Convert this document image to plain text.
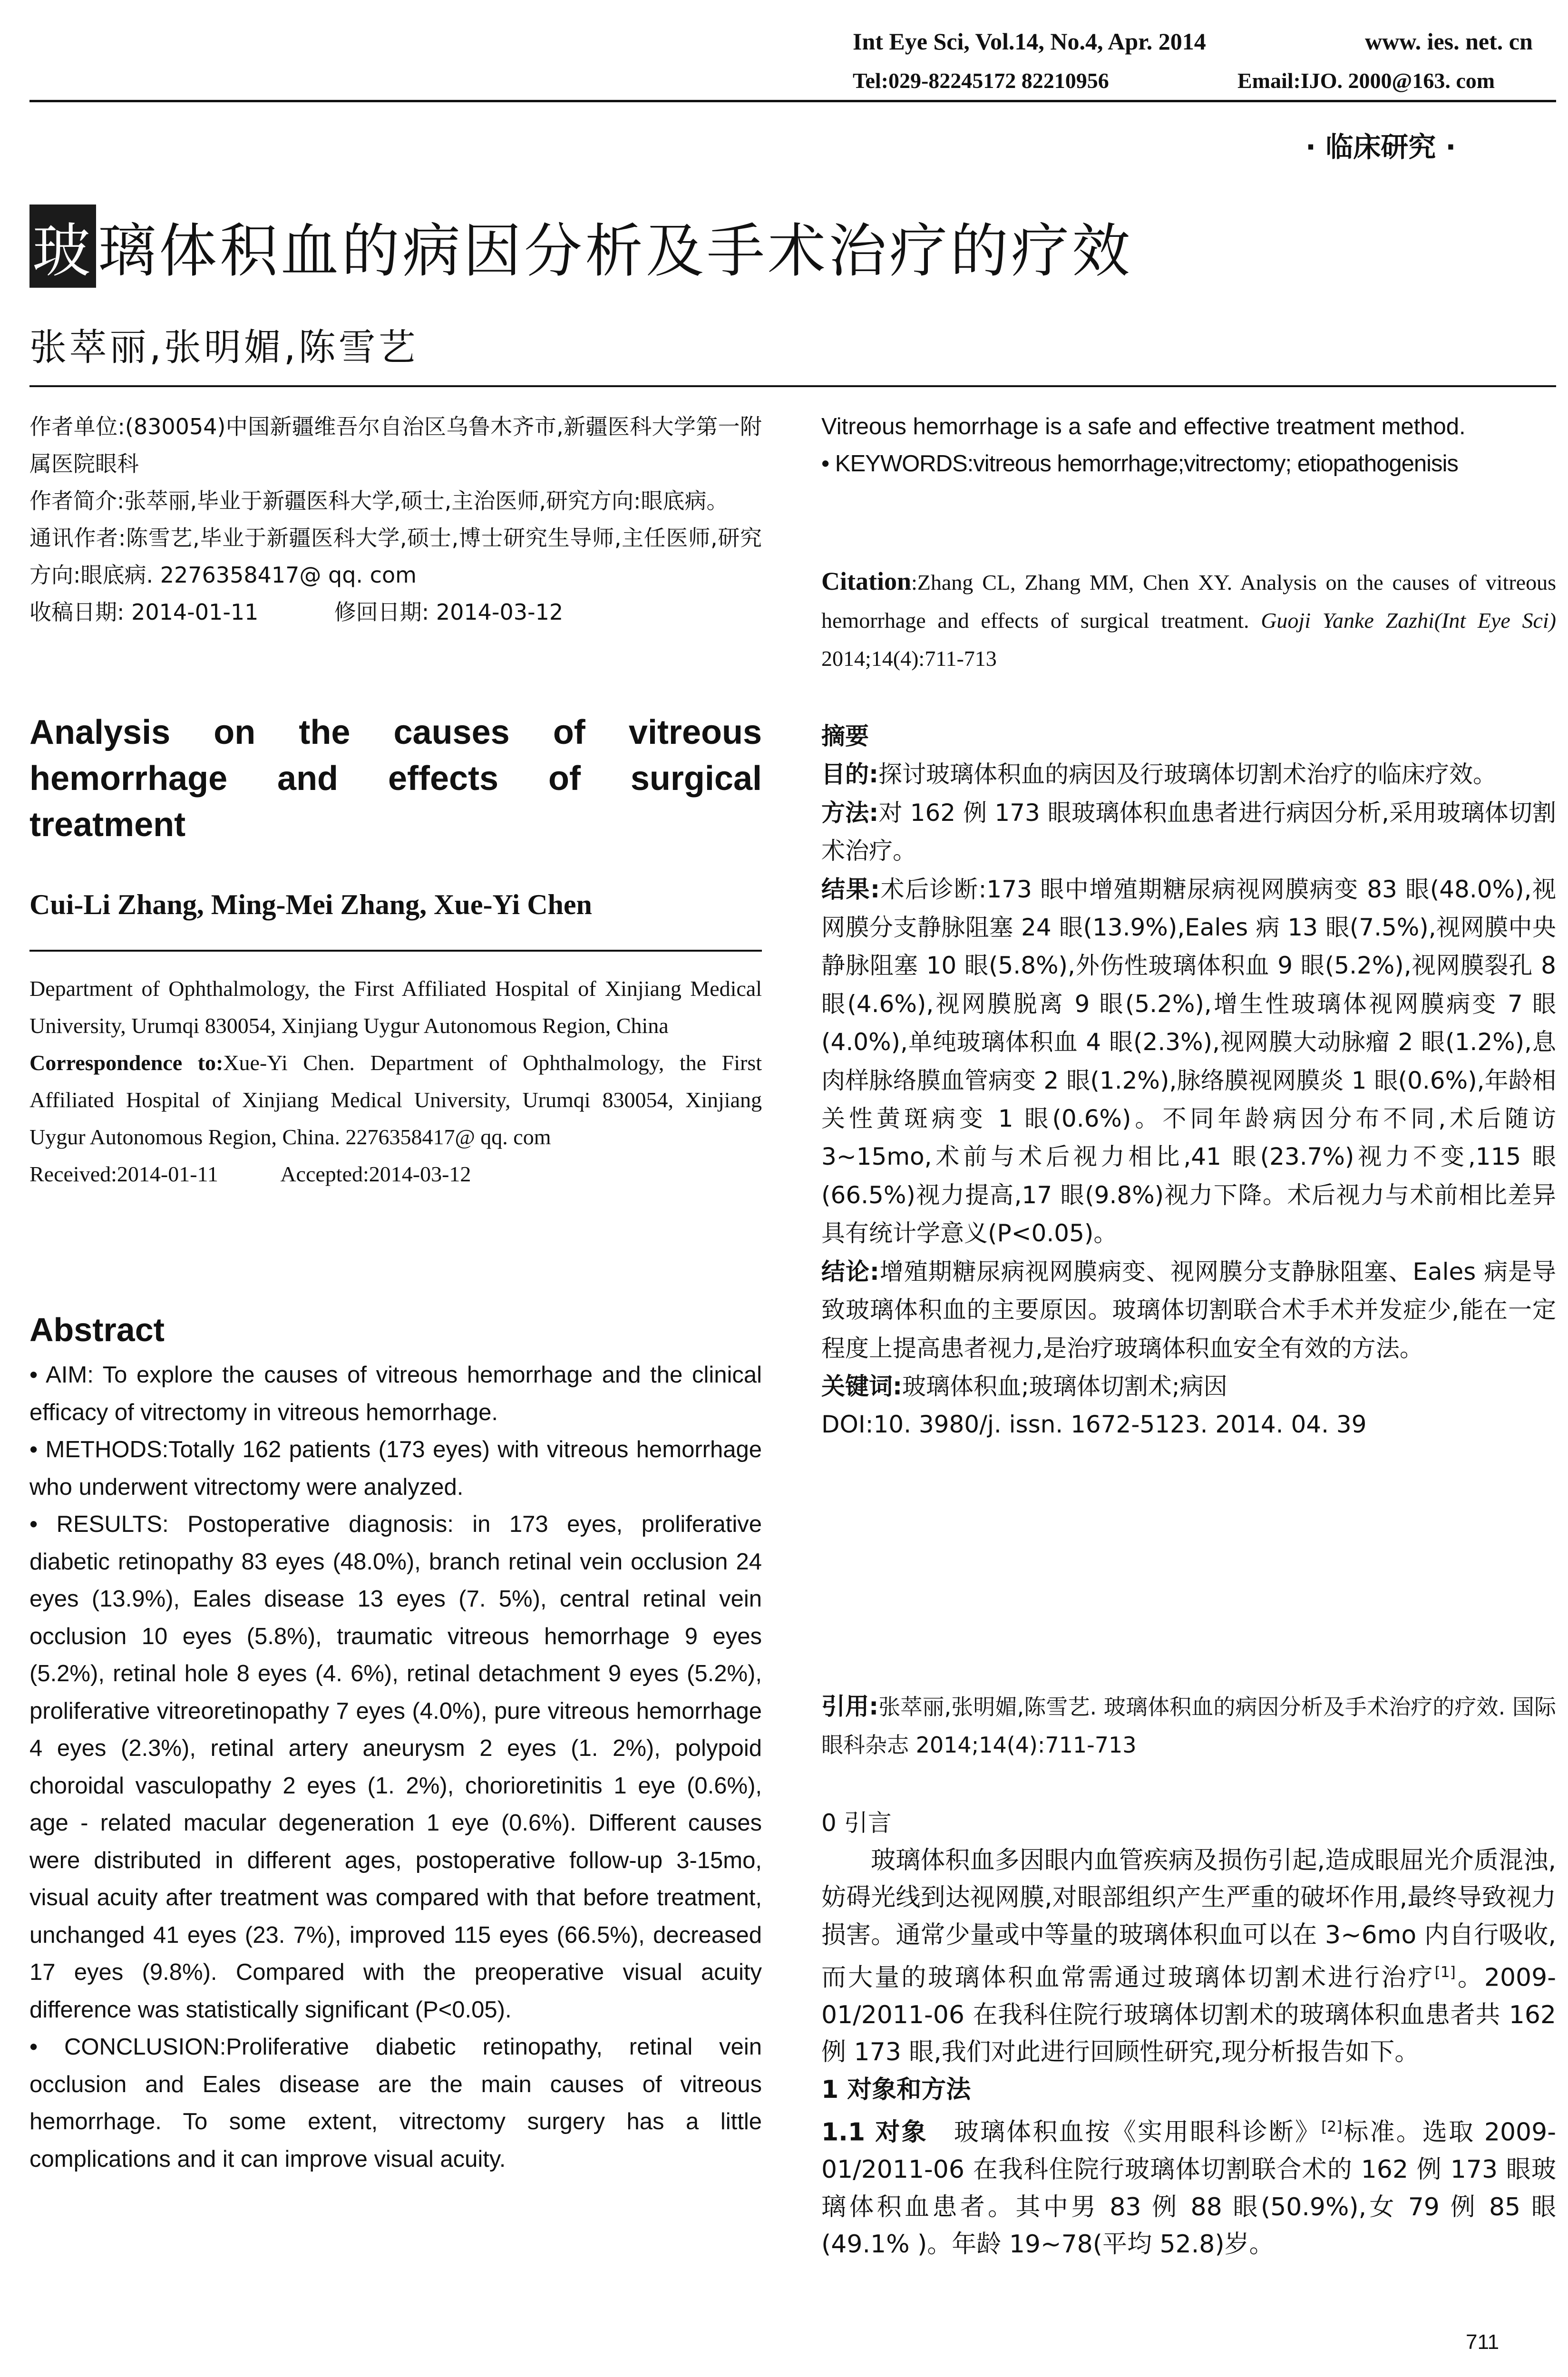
Int Eye Sci, Vol.14, No.4, Apr. 2014	www. ies. net. cn
Tel:029-82245172 82210956	Email:IJO. 2000@163. com
· 临床研究 ·
玻璃体积血的病因分析及手术治疗的疗效
张萃丽,张明媚,陈雪艺

作者单位:(830054)中国新疆维吾尔自治区乌鲁木齐市,新疆医科大学第一附属医院眼科

作者简介:张萃丽,毕业于新疆医科大学,硕士,主治医师,研究方向:眼底病。

通讯作者:陈雪艺,毕业于新疆医科大学,硕士,博士研究生导师,主任医师,研究方向:眼底病. 2276358417@ qq. com

收稿日期: 2014-01-11	修回日期: 2014-03-12

Analysis on the causes of vitreous hemorrhage and effects of surgical treatment
Cui-Li Zhang, Ming-Mei Zhang, Xue-Yi Chen

Department of Ophthalmology, the First Affiliated Hospital of Xinjiang Medical University, Urumqi 830054, Xinjiang Uygur Autonomous Region, China

Correspondence to:Xue-Yi Chen. Department of Ophthalmology, the First Affiliated Hospital of Xinjiang Medical University, Urumqi 830054, Xinjiang Uygur Autonomous Region, China. 2276358417@ qq. com

Received:2014-01-11	Accepted:2014-03-12

Abstract

• AIM: To explore the causes of vitreous hemorrhage and the clinical efficacy of vitrectomy in vitreous hemorrhage.

• METHODS:Totally 162 patients (173 eyes) with vitreous hemorrhage who underwent vitrectomy were analyzed.

• RESULTS: Postoperative diagnosis: in 173 eyes, proliferative diabetic retinopathy 83 eyes (48.0%), branch retinal vein occlusion 24 eyes (13.9%), Eales disease 13 eyes (7. 5%), central retinal vein occlusion 10 eyes (5.8%), traumatic vitreous hemorrhage 9 eyes (5.2%), retinal hole 8 eyes (4. 6%), retinal detachment 9 eyes (5.2%), proliferative vitreoretinopathy 7 eyes (4.0%), pure vitreous hemorrhage 4 eyes (2.3%), retinal artery aneurysm 2 eyes (1. 2%), polypoid choroidal vasculopathy 2 eyes (1. 2%), chorioretinitis 1 eye (0.6%), age - related macular degeneration 1 eye (0.6%). Different causes were distributed in different ages, postoperative follow-up 3-15mo, visual acuity after treatment was compared with that before treatment, unchanged 41 eyes (23. 7%), improved 115 eyes (66.5%), decreased 17 eyes (9.8%). Compared with the preoperative visual acuity difference was statistically significant (P<0.05).

• CONCLUSION:Proliferative diabetic retinopathy, retinal vein occlusion and Eales disease are the main causes of vitreous hemorrhage. To some extent, vitrectomy surgery has a little complications and it can improve visual acuity.

Vitreous hemorrhage is a safe and effective treatment method.

• KEYWORDS:vitreous hemorrhage;vitrectomy; etiopathogenisis

Citation:Zhang CL, Zhang MM, Chen XY. Analysis on the causes of vitreous hemorrhage and effects of surgical treatment. Guoji Yanke Zazhi(Int Eye Sci) 2014;14(4):711-713

摘要

目的:探讨玻璃体积血的病因及行玻璃体切割术治疗的临床疗效。

方法:对 162 例 173 眼玻璃体积血患者进行病因分析,采用玻璃体切割术治疗。

结果:术后诊断:173 眼中增殖期糖尿病视网膜病变 83 眼(48.0%),视网膜分支静脉阻塞 24 眼(13.9%),Eales 病 13 眼(7.5%),视网膜中央静脉阻塞 10 眼(5.8%),外伤性玻璃体积血 9 眼(5.2%),视网膜裂孔 8 眼(4.6%),视网膜脱离 9 眼(5.2%),增生性玻璃体视网膜病变 7 眼(4.0%),单纯玻璃体积血 4 眼(2.3%),视网膜大动脉瘤 2 眼(1.2%),息肉样脉络膜血管病变 2 眼(1.2%),脉络膜视网膜炎 1 眼(0.6%),年龄相关性黄斑病变 1 眼(0.6%)。不同年龄病因分布不同,术后随访 3~15mo,术前与术后视力相比,41 眼(23.7%)视力不变,115 眼(66.5%)视力提高,17 眼(9.8%)视力下降。术后视力与术前相比差异具有统计学意义(P<0.05)。

结论:增殖期糖尿病视网膜病变、视网膜分支静脉阻塞、Eales 病是导致玻璃体积血的主要原因。玻璃体切割联合术手术并发症少,能在一定程度上提高患者视力,是治疗玻璃体积血安全有效的方法。

关键词:玻璃体积血;玻璃体切割术;病因

DOI:10. 3980/j. issn. 1672-5123. 2014. 04. 39

引用:张萃丽,张明媚,陈雪艺. 玻璃体积血的病因分析及手术治疗的疗效. 国际眼科杂志 2014;14(4):711-713

0 引言

玻璃体积血多因眼内血管疾病及损伤引起,造成眼屈光介质混浊,妨碍光线到达视网膜,对眼部组织产生严重的破坏作用,最终导致视力损害。通常少量或中等量的玻璃体积血可以在 3~6mo 内自行吸收,而大量的玻璃体积血常需通过玻璃体切割术进行治疗[1]。2009-01/2011-06 在我科住院行玻璃体切割术的玻璃体积血患者共 162 例 173 眼,我们对此进行回顾性研究,现分析报告如下。

1 对象和方法

1.1 对象 玻璃体积血按《实用眼科诊断》[2]标准。选取 2009-01/2011-06 在我科住院行玻璃体切割联合术的 162 例 173 眼玻璃体积血患者。其中男 83 例 88 眼(50.9%),女 79 例 85 眼(49.1% )。年龄 19~78(平均 52.8)岁。

711
